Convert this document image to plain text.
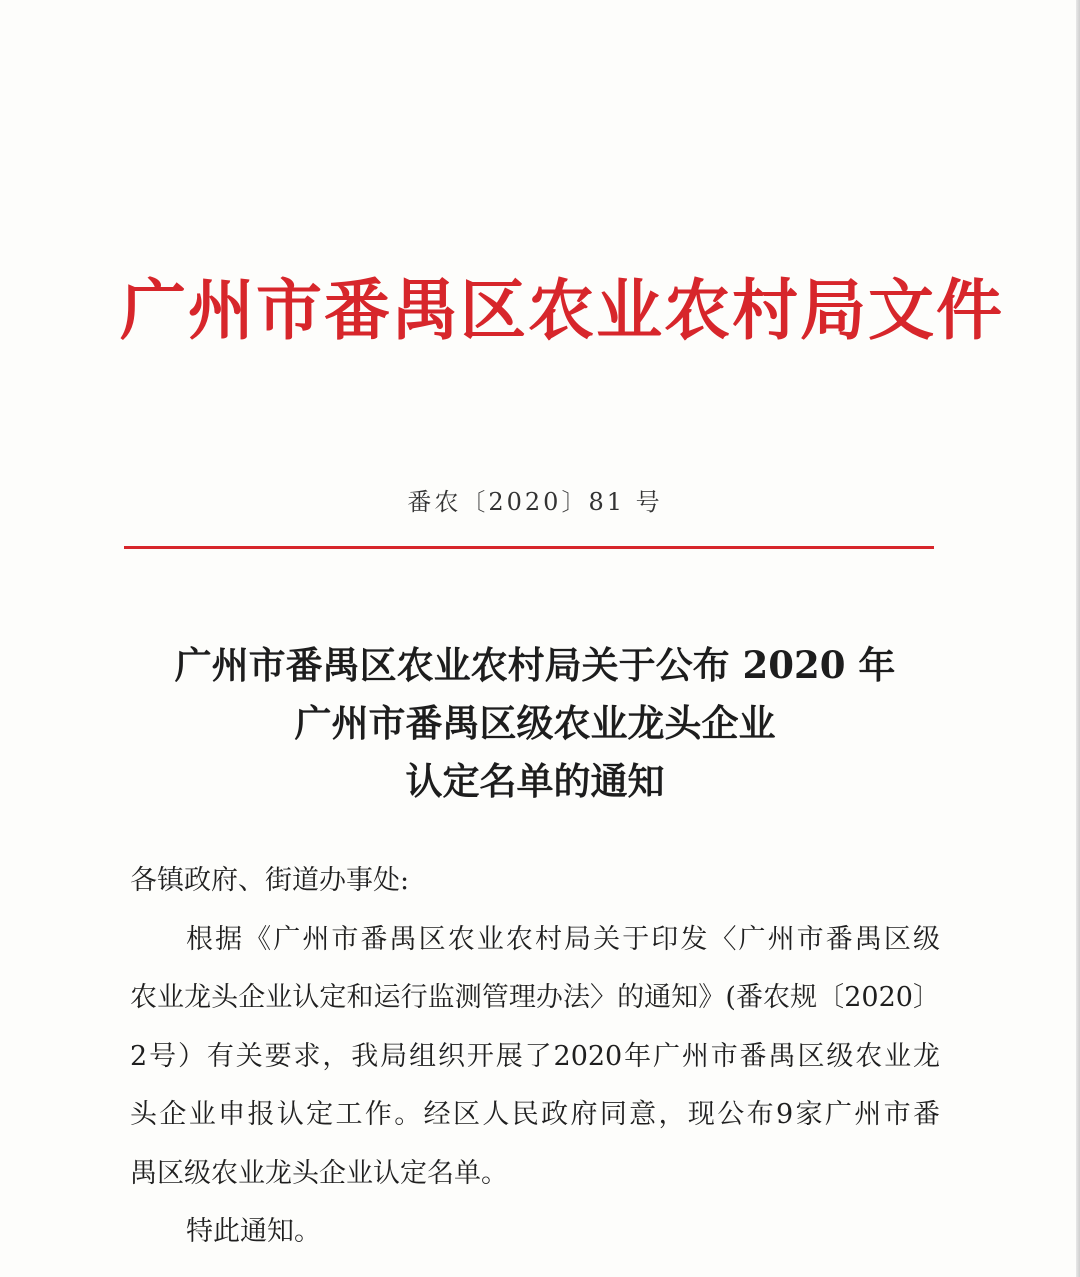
广州市番禺区农业农村局文件
番农〔2020〕81 号
广州市番禺区农业农村局关于公布 2020 年
广州市番禺区级农业龙头企业
认定名单的通知
各镇政府、街道办事处:
根据《广州市番禺区农业农村局关于印发〈广州市番禺区级
农业龙头企业认定和运行监测管理办法〉的通知》(番农规〔2020〕
2号）有关要求，我局组织开展了2020年广州市番禺区级农业龙
头企业申报认定工作。经区人民政府同意，现公布9家广州市番
禺区级农业龙头企业认定名单。
特此通知。
